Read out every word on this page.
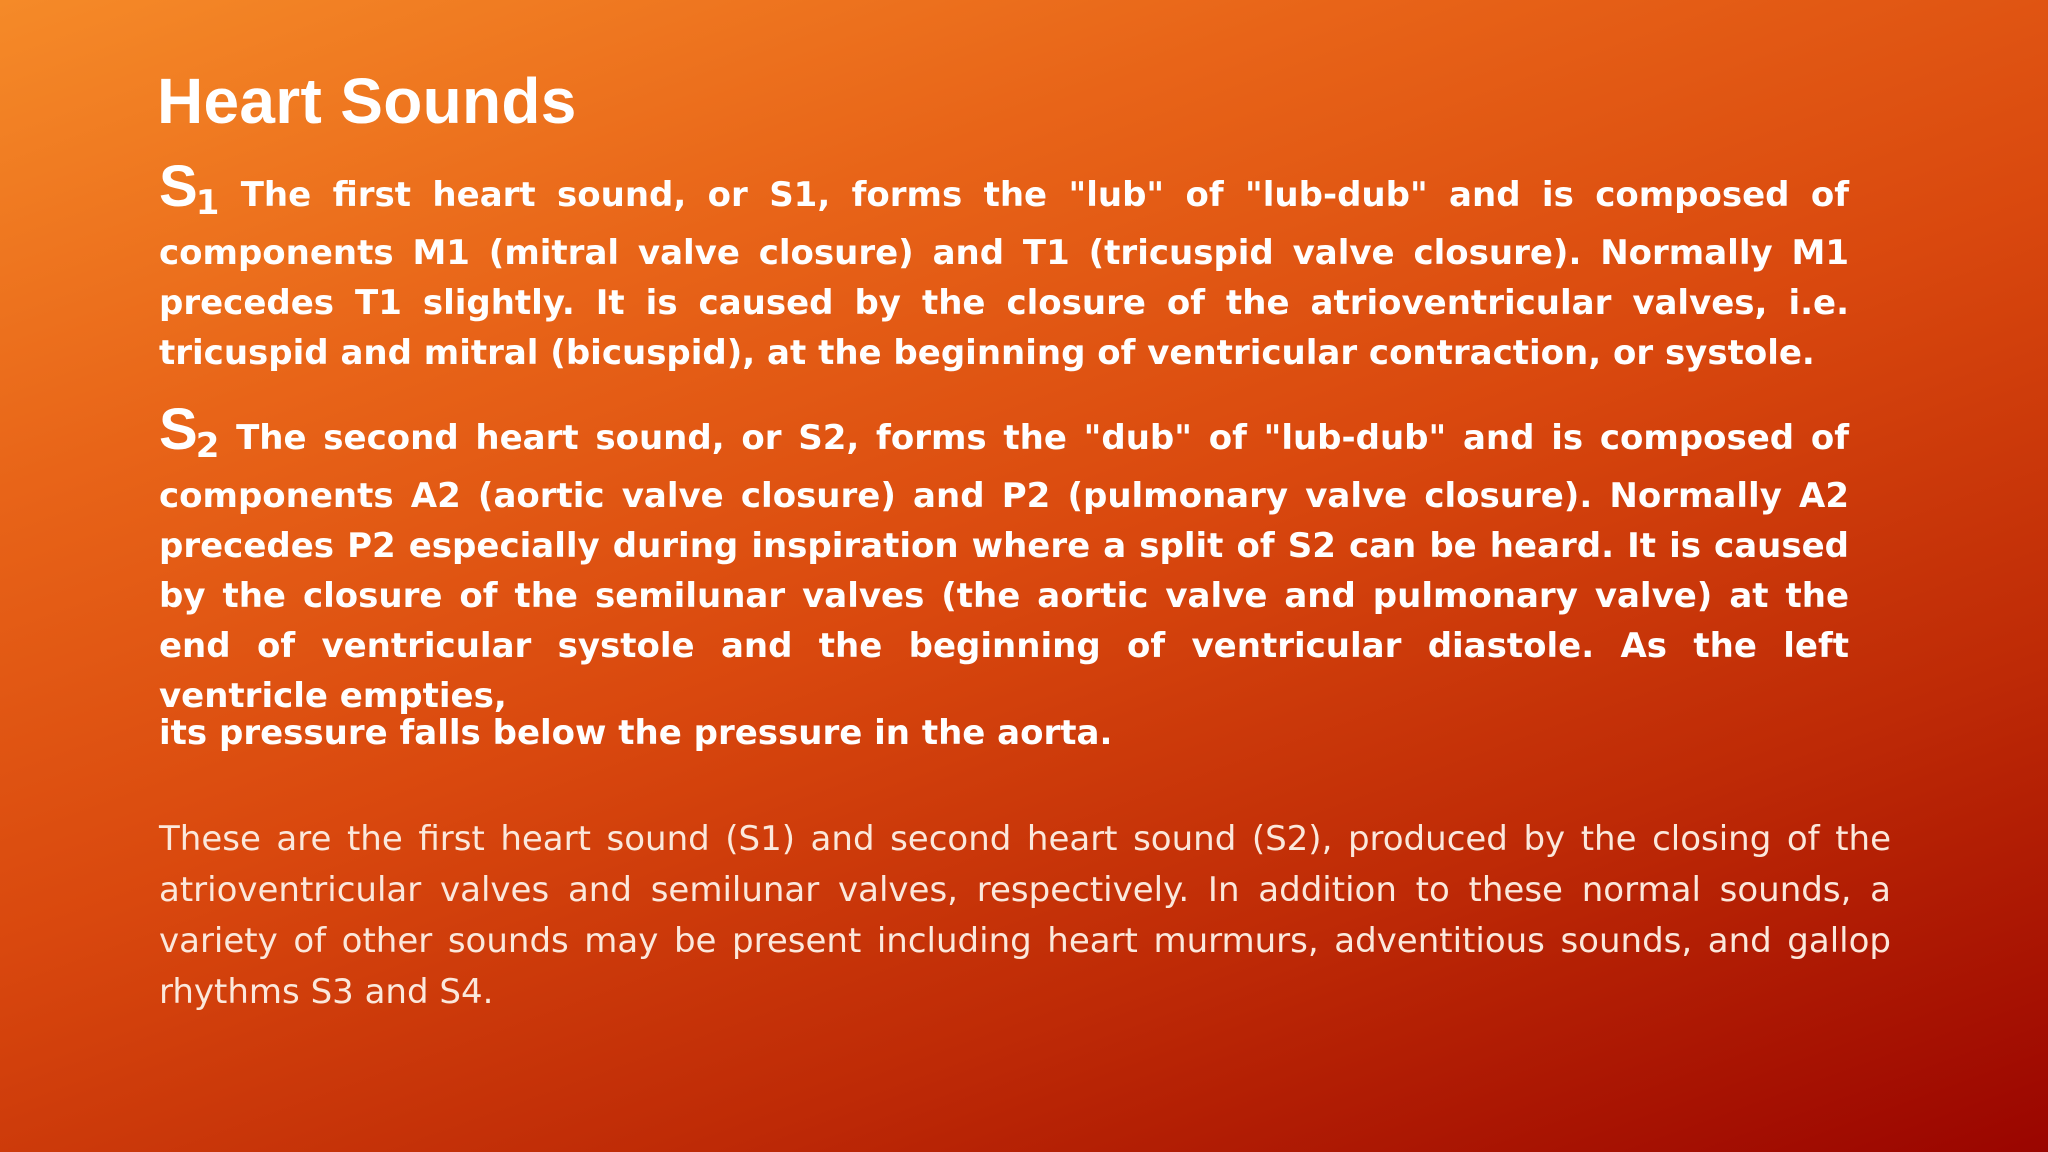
Heart Sounds

S1 The first heart sound, or S1, forms the "lub" of "lub-dub" and is composed of components M1 (mitral valve closure) and T1 (tricuspid valve closure). Normally M1 precedes T1 slightly. It is caused by the closure of the atrioventricular valves, i.e. tricuspid and mitral (bicuspid), at the beginning of ventricular contraction, or systole.

S2 The second heart sound, or S2, forms the "dub" of "lub-dub" and is composed of components A2 (aortic valve closure) and P2 (pulmonary valve closure). Normally A2 precedes P2 especially during inspiration where a split of S2 can be heard. It is caused by the closure of the semilunar valves (the aortic valve and pulmonary valve) at the end of ventricular systole and the beginning of ventricular diastole. As the left ventricle empties,

its pressure falls below the pressure in the aorta.

These are the first heart sound (S1) and second heart sound (S2), produced by the closing of the atrioventricular valves and semilunar valves, respectively. In addition to these normal sounds, a variety of other sounds may be present including heart murmurs, adventitious sounds, and gallop rhythms S3 and S4.
